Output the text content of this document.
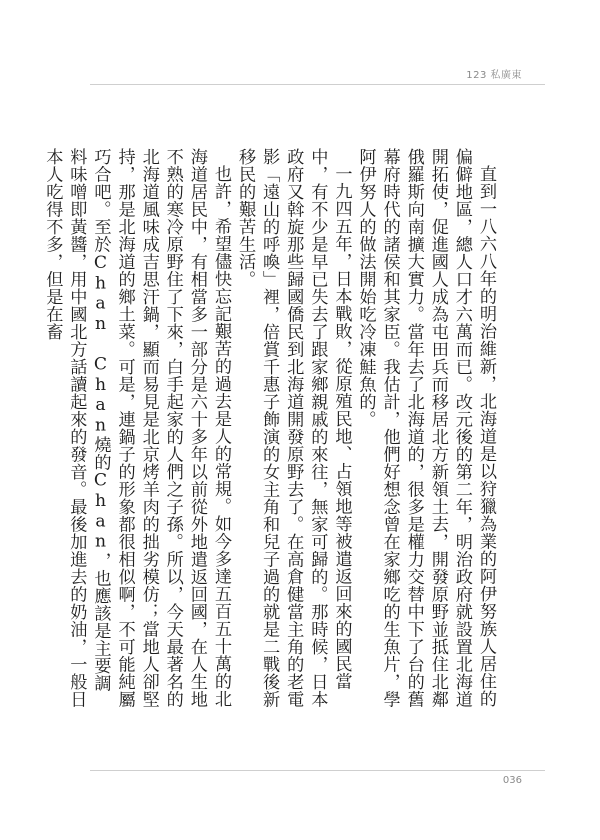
123 私廣東

直到一八六八年的明治維新，北海道是以狩獵為業的阿伊努族人居住的偏僻地區，總人口才六萬而已。改元後的第二年，明治政府就設置北海道開拓使，促進國人成為屯田兵而移居北方新領土去，開發原野並抵住北鄰俄羅斯向南擴大實力。當年去了北海道的，很多是權力交替中下了台的舊幕府時代的諸侯和其家臣。我估計，他們好想念曾在家鄉吃的生魚片，學阿伊努人的做法開始吃冷凍鮭魚的。

一九四五年，日本戰敗，從原殖民地、占領地等被遣返回來的國民當中，有不少是早已失去了跟家鄉親戚的來往，無家可歸的。那時候，日本政府又斡旋那些歸國僑民到北海道開發原野去了。在高倉健當主角的老電影「遠山的呼喚」裡，倍賞千惠子飾演的女主角和兒子過的就是二戰後新移民的艱苦生活。

也許，希望儘快忘記艱苦的過去是人的常規。如今多達五百五十萬的北海道居民中，有相當多一部分是六十多年以前從外地遣返回國，在人生地不熟的寒冷原野住了下來，白手起家的人們之子孫。所以，今天最著名的北海道風味成吉思汗鍋，顯而易見是北京烤羊肉的拙劣模仿；當地人卻堅持，那是北海道的鄉土菜。可是，連鍋子的形象都很相似啊，不可能純屬巧合吧。至於Chan Chan燒的Chan，也應該是主要調料味噌即黃醬，用中國北方話讀起來的發音。最後加進去的奶油，一般日本人吃得不多，但是在畜

036
